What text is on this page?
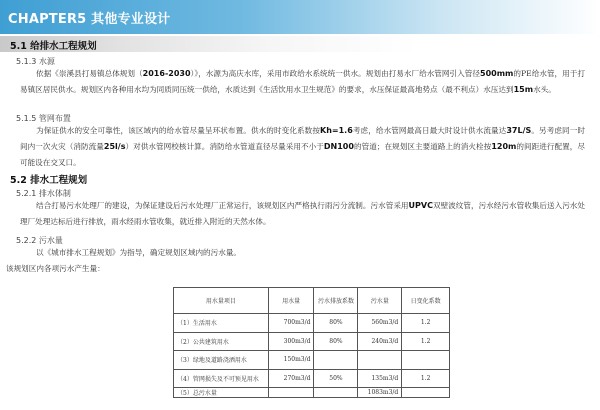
CHAPTER5 其他专业设计
5.1 给排水工程规划
5.1.3 水源
依据《崇溪县打易镇总体规划（2016-2030）》，水源为高庆水库，采用市政给水系统统一供水。规划由打易水厂给水管网引入管径500mm的PE给水管，用于打易镇区居民供水。规划区内各种用水均为同质同压统一供给，水质达到《生活饮用水卫生规范》的要求，水压保证最高地势点（最不利点）水压达到15m水头。
5.1.5 管网布置
为保证供水的安全可靠性，该区域内的给水管尽量呈环状布置。供水的时变化系数按Kh=1.6考虑，给水管网最高日最大时设计供水流量达37L/S。另考虑同一时间内一次火灾（消防流量25l/s）对供水管网校核计算。消防给水管道直径尽量采用不小于DN100的管道；在规划区主要道路上的消火栓按120m的间距进行配置，尽可能设在交叉口。
5.2 排水工程规划
5.2.1 排水体制
结合打易污水处理厂的建设，为保证建设后污水处理厂正常运行，该规划区内严格执行雨污分流制。污水管采用UPVC双壁波纹管，污水经污水管收集后送入污水处理厂处理达标后进行排放，雨水经雨水管收集，就近排入附近的天然水体。
5.2.2 污水量
以《城市排水工程规划》为指导，确定规划区域内的污水量。
该规划区内各项污水产生量：
用水量项目	用水量	污水排放系数	污水量	日变化系数
（1）生活用水	700m3/d	80%	560m3/d	1.2
（2）公共建筑用水	300m3/d	80%	240m3/d	1.2
（3）绿地及道路浇洒用水	150m3/d			
（4）管网损失及不可预见用水	270m3/d	50%	135m3/d	1.2
（5）总污水量			1083m3/d	
